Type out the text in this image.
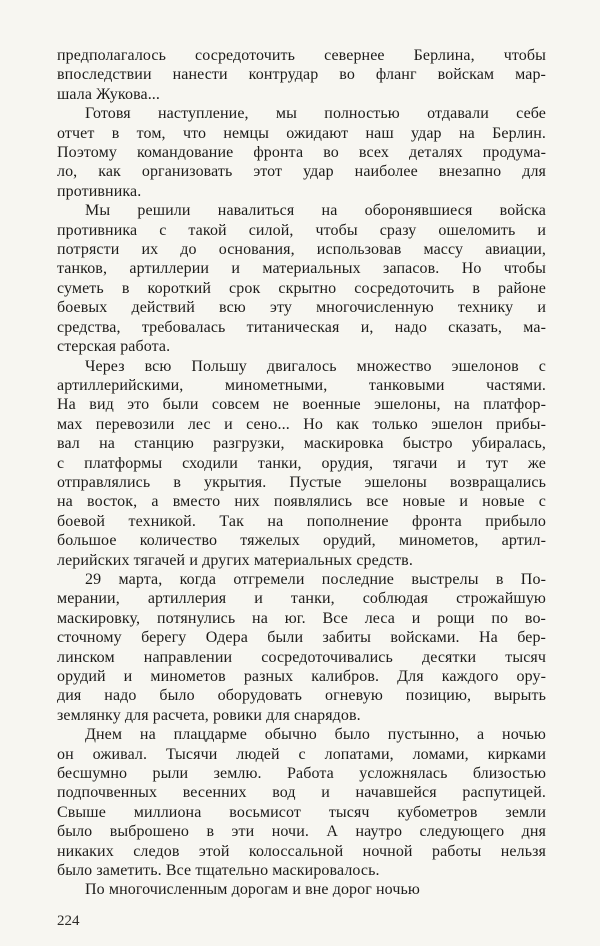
предполагалось сосредоточить севернее Берлина, чтобы
впоследствии нанести контрудар во фланг войскам мар-
шала Жукова...
Готовя наступление, мы полностью отдавали себе
отчет в том, что немцы ожидают наш удар на Берлин.
Поэтому командование фронта во всех деталях продума-
ло, как организовать этот удар наиболее внезапно для
противника.
Мы решили навалиться на оборонявшиеся войска
противника с такой силой, чтобы сразу ошеломить и
потрясти их до основания, использовав массу авиации,
танков, артиллерии и материальных запасов. Но чтобы
суметь в короткий срок скрытно сосредоточить в районе
боевых действий всю эту многочисленную технику и
средства, требовалась титаническая и, надо сказать, ма-
стерская работа.
Через всю Польшу двигалось множество эшелонов с
артиллерийскими, минометными, танковыми частями.
На вид это были совсем не военные эшелоны, на платфор-
мах перевозили лес и сено... Но как только эшелон прибы-
вал на станцию разгрузки, маскировка быстро убиралась,
с платформы сходили танки, орудия, тягачи и тут же
отправлялись в укрытия. Пустые эшелоны возвращались
на восток, а вместо них появлялись все новые и новые с
боевой техникой. Так на пополнение фронта прибыло
большое количество тяжелых орудий, минометов, артил-
лерийских тягачей и других материальных средств.
29 марта, когда отгремели последние выстрелы в По-
мерании, артиллерия и танки, соблюдая строжайшую
маскировку, потянулись на юг. Все леса и рощи по во-
сточному берегу Одера были забиты войсками. На бер-
линском направлении сосредоточивались десятки тысяч
орудий и минометов разных калибров. Для каждого ору-
дия надо было оборудовать огневую позицию, вырыть
землянку для расчета, ровики для снарядов.
Днем на плацдарме обычно было пустынно, а ночью
он оживал. Тысячи людей с лопатами, ломами, кирками
бесшумно рыли землю. Работа усложнялась близостью
подпочвенных весенних вод и начавшейся распутицей.
Свыше миллиона восьмисот тысяч кубометров земли
было выброшено в эти ночи. А наутро следующего дня
никаких следов этой колоссальной ночной работы нельзя
было заметить. Все тщательно маскировалось.
По многочисленным дорогам и вне дорог ночью
224
